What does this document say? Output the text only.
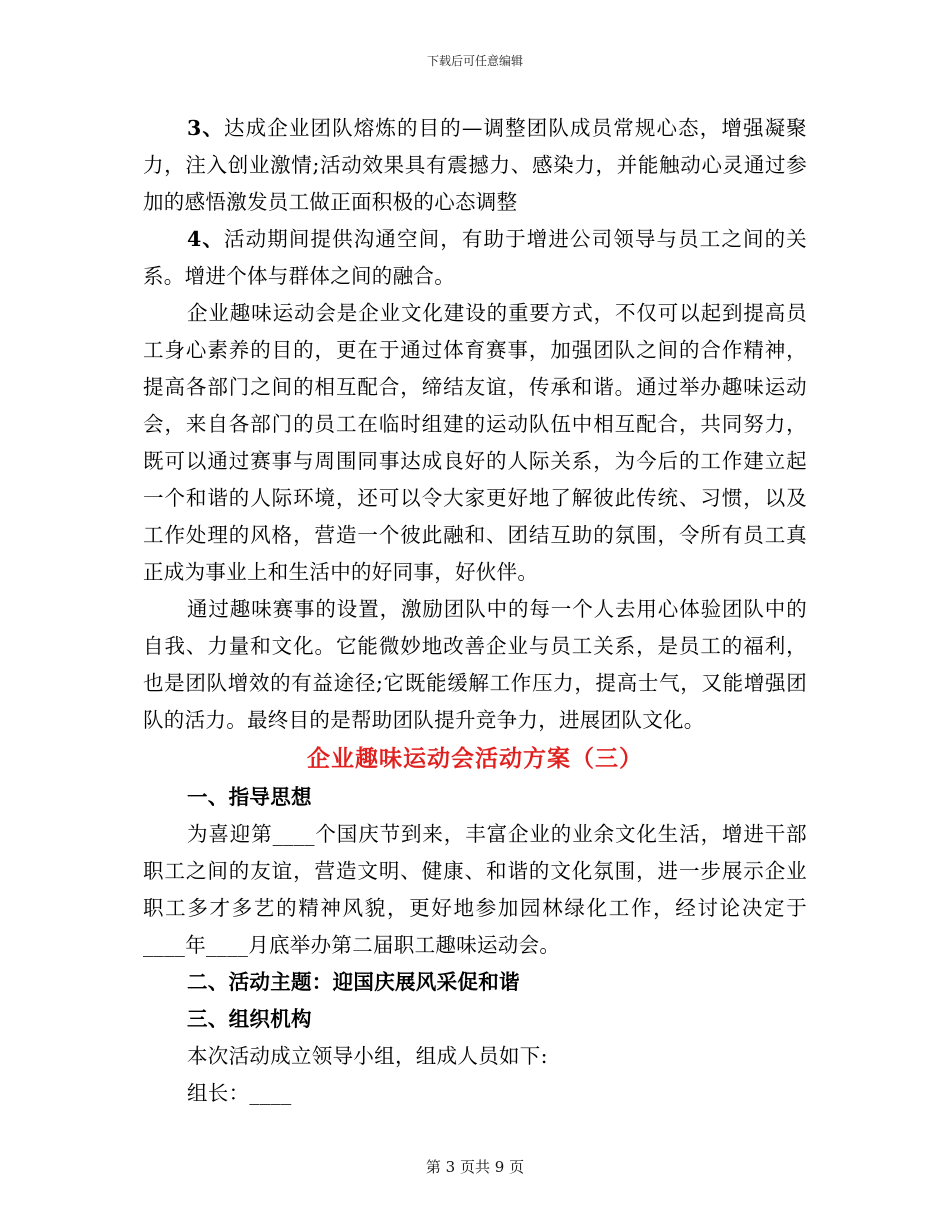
下载后可任意编辑

3、达成企业团队熔炼的目的—调整团队成员常规心态，增强凝聚力，注入创业激情;活动效果具有震撼力、感染力，并能触动心灵通过参加的感悟激发员工做正面积极的心态调整

4、活动期间提供沟通空间，有助于增进公司领导与员工之间的关系。增进个体与群体之间的融合。

企业趣味运动会是企业文化建设的重要方式，不仅可以起到提高员工身心素养的目的，更在于通过体育赛事，加强团队之间的合作精神，提高各部门之间的相互配合，缔结友谊，传承和谐。通过举办趣味运动会，来自各部门的员工在临时组建的运动队伍中相互配合，共同努力，既可以通过赛事与周围同事达成良好的人际关系，为今后的工作建立起一个和谐的人际环境，还可以令大家更好地了解彼此传统、习惯，以及工作处理的风格，营造一个彼此融和、团结互助的氛围，令所有员工真正成为事业上和生活中的好同事，好伙伴。

通过趣味赛事的设置，激励团队中的每一个人去用心体验团队中的自我、力量和文化。它能微妙地改善企业与员工关系，是员工的福利，也是团队增效的有益途径;它既能缓解工作压力，提高士气，又能增强团队的活力。最终目的是帮助团队提升竞争力，进展团队文化。

企业趣味运动会活动方案（三）

一、指导思想

为喜迎第____个国庆节到来，丰富企业的业余文化生活，增进干部职工之间的友谊，营造文明、健康、和谐的文化氛围，进一步展示企业职工多才多艺的精神风貌，更好地参加园林绿化工作，经讨论决定于____年____月底举办第二届职工趣味运动会。

二、活动主题：迎国庆展风采促和谐

三、组织机构

本次活动成立领导小组，组成人员如下:

组长：____

第 3 页共 9 页
